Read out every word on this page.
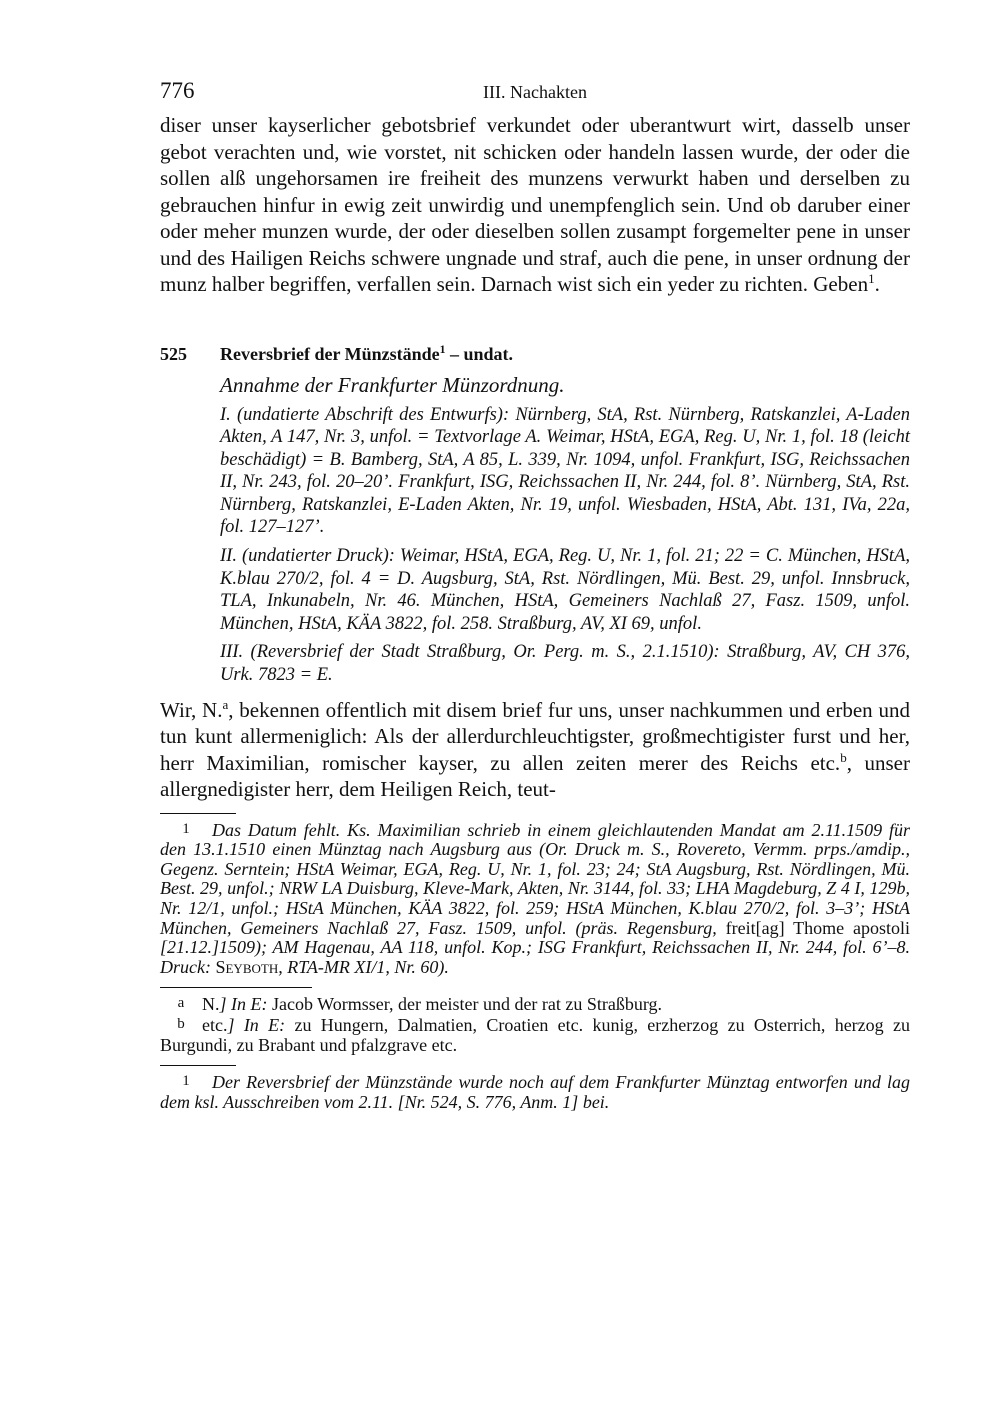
776	III. Nachakten

diser unser kayserlicher gebotsbrief verkundet oder uberantwurt wirt, dasselb unser gebot verachten und, wie vorstet, nit schicken oder handeln lassen wurde, der oder die sollen alß ungehorsamen ire freiheit des munzens verwurkt haben und derselben zu gebrauchen hinfur in ewig zeit unwirdig und unempfenglich sein. Und ob daruber einer oder meher munzen wurde, der oder dieselben sollen zusampt forgemelter pene in unser und des Hailigen Reichs schwere ungnade und straf, auch die pene, in unser ordnung der munz halber begriffen, verfallen sein. Darnach wist sich ein yeder zu richten. Geben$^1$.

525	Reversbrief der Münzstände$^1$ – undat.
Annahme der Frankfurter Münzordnung.
I. (undatierte Abschrift des Entwurfs): Nürnberg, StA, Rst. Nürnberg, Ratskanzlei, A-Laden Akten, A 147, Nr. 3, unfol. = Textvorlage A. Weimar, HStA, EGA, Reg. U, Nr. 1, fol. 18 (leicht beschädigt) = B. Bamberg, StA, A 85, L. 339, Nr. 1094, unfol. Frankfurt, ISG, Reichssachen II, Nr. 243, fol. 20–20’. Frankfurt, ISG, Reichssachen II, Nr. 244, fol. 8’. Nürnberg, StA, Rst. Nürnberg, Ratskanzlei, E-Laden Akten, Nr. 19, unfol. Wiesbaden, HStA, Abt. 131, IVa, 22a, fol. 127–127’.
II. (undatierter Druck): Weimar, HStA, EGA, Reg. U, Nr. 1, fol. 21; 22 = C. München, HStA, K.blau 270/2, fol. 4 = D. Augsburg, StA, Rst. Nördlingen, Mü. Best. 29, unfol. Innsbruck, TLA, Inkunabeln, Nr. 46. München, HStA, Gemeiners Nachlaß 27, Fasz. 1509, unfol. München, HStA, KÄA 3822, fol. 258. Straßburg, AV, XI 69, unfol.
III. (Reversbrief der Stadt Straßburg, Or. Perg. m. S., 2.1.1510): Straßburg, AV, CH 376, Urk. 7823 = E.

Wir, N.$^a$, bekennen offentlich mit disem brief fur uns, unser nachkummen und erben und tun kunt allermeniglich: Als der allerdurchleuchtigster, großmechtigister furst und her, herr Maximilian, romischer kayser, zu allen zeiten merer des Reichs etc.$^b$, unser allergnedigister herr, dem Heiligen Reich, teut-

1 Das Datum fehlt. Ks. Maximilian schrieb in einem gleichlautenden Mandat am 2.11.1509 für den 13.1.1510 einen Münztag nach Augsburg aus (Or. Druck m. S., Rovereto, Vermm. prps./amdip., Gegenz. Serntein; HStA Weimar, EGA, Reg. U, Nr. 1, fol. 23; 24; StA Augsburg, Rst. Nördlingen, Mü. Best. 29, unfol.; NRW LA Duisburg, Kleve-Mark, Akten, Nr. 3144, fol. 33; LHA Magdeburg, Z 4 I, 129b, Nr. 12/1, unfol.; HStA München, KÄA 3822, fol. 259; HStA München, K.blau 270/2, fol. 3–3’; HStA München, Gemeiners Nachlaß 27, Fasz. 1509, unfol. (präs. Regensburg, freit[ag] Thome apostoli [21.12.]1509); AM Hagenau, AA 118, unfol. Kop.; ISG Frankfurt, Reichssachen II, Nr. 244, fol. 6’–8. Druck: Seyboth, RTA-MR XI/1, Nr. 60).

a N.] In E: Jacob Wormsser, der meister und der rat zu Straßburg.

b etc.] In E: zu Hungern, Dalmatien, Croatien etc. kunig, erzherzog zu Osterrich, herzog zu Burgundi, zu Brabant und pfalzgrave etc.

1 Der Reversbrief der Münzstände wurde noch auf dem Frankfurter Münztag entworfen und lag dem ksl. Ausschreiben vom 2.11. [Nr. 524, S. 776, Anm. 1] bei.
